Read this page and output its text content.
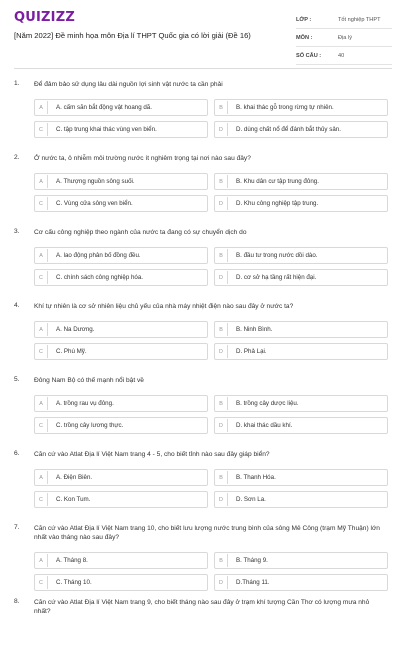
QUIZIZZ
[Năm 2022] Đề minh họa môn Địa lí THPT Quốc gia có lời giải (Đề 16)
LỚP :	Tốt nghiệp THPT
MÔN :	Địa lý
SỐ CÂU :	40
1. Để đảm bảo sử dụng lâu dài nguồn lợi sinh vật nước ta cần phải
A	A. cấm săn bắt động vật hoang dã.	B	B. khai thác gỗ trong rừng tự nhiên.
C	C. tập trung khai thác vùng ven biển.	D	D. dùng chất nổ để đánh bắt thủy sản.
2. Ở nước ta, ô nhiễm môi trường nước ít nghiêm trọng tại nơi nào sau đây?
A	A. Thượng nguồn sông suối.	B	B. Khu dân cư tập trung đông.
C	C. Vùng cửa sông ven biển.	D	D. Khu công nghiệp tập trung.
3. Cơ cấu công nghiệp theo ngành của nước ta đang có sự chuyển dịch do
A	A. lao động phân bố đồng đều.	B	B. đầu tư trong nước dồi dào.
C	C. chính sách công nghiệp hóa.	D	D. cơ sở hạ tầng rất hiện đại.
4. Khí tự nhiên là cơ sở nhiên liệu chủ yếu của nhà máy nhiệt điện nào sau đây ở nước ta?
A	A. Na Dương.	B	B. Ninh Bình.
C	C. Phú Mỹ.	D	D. Phả Lại.
5. Đông Nam Bộ có thế mạnh nổi bật về
A	A. trồng rau vụ đông.	B	B. trồng cây dược liệu.
C	C. trồng cây lương thực.	D	D. khai thác dầu khí.
6. Căn cứ vào Atlat Địa lí Việt Nam trang 4 - 5, cho biết tỉnh nào sau đây giáp biển?
A	A. Điện Biên.	B	B. Thanh Hóa.
C	C. Kon Tum.	D	D. Sơn La.
7. Căn cứ vào Atlat Địa lí Việt Nam trang 10, cho biết lưu lượng nước trung bình của sông Mê Công (trạm Mỹ Thuận) lớn nhất vào tháng nào sau đây?
A	A. Tháng 8.	B	B. Tháng 9.
C	C. Tháng 10.	D	D.Tháng 11.
8. Căn cứ vào Atlat Địa lí Việt Nam trang 9, cho biết tháng nào sau đây ở trạm khí tượng Cần Thơ có lượng mưa nhỏ nhất?
